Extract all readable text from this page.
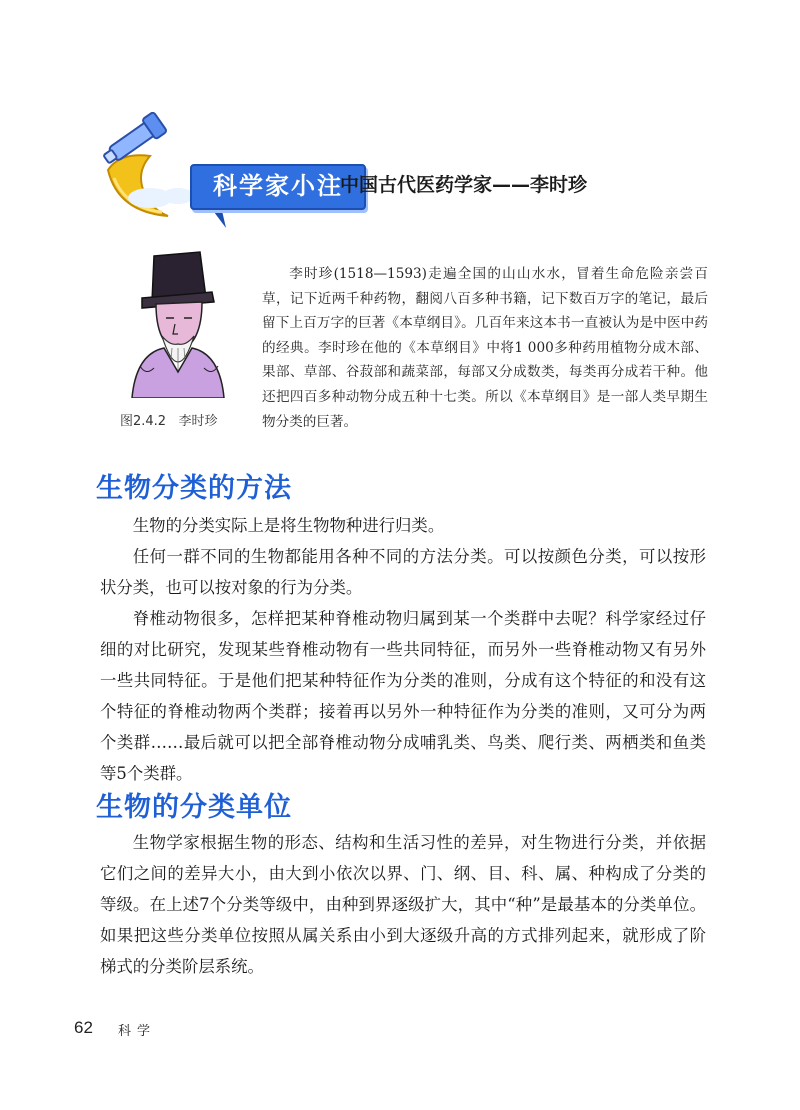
科学家小注
中国古代医药学家——李时珍
图2.4.2   李时珍
李时珍(1518—1593)走遍全国的山山水水，冒着生命危险亲尝百草，记下近两千种药物，翻阅八百多种书籍，记下数百万字的笔记，最后留下上百万字的巨著《本草纲目》。几百年来这本书一直被认为是中医中药的经典。李时珍在他的《本草纲目》中将1 000多种药用植物分成木部、果部、草部、谷菽部和蔬菜部，每部又分成数类，每类再分成若干种。他还把四百多种动物分成五种十七类。所以《本草纲目》是一部人类早期生物分类的巨著。
生物分类的方法
生物的分类实际上是将生物物种进行归类。
任何一群不同的生物都能用各种不同的方法分类。可以按颜色分类，可以按形状分类，也可以按对象的行为分类。
脊椎动物很多，怎样把某种脊椎动物归属到某一个类群中去呢？科学家经过仔细的对比研究，发现某些脊椎动物有一些共同特征，而另外一些脊椎动物又有另外一些共同特征。于是他们把某种特征作为分类的准则，分成有这个特征的和没有这个特征的脊椎动物两个类群；接着再以另外一种特征作为分类的准则，又可分为两个类群……最后就可以把全部脊椎动物分成哺乳类、鸟类、爬行类、两栖类和鱼类等5个类群。
生物的分类单位
生物学家根据生物的形态、结构和生活习性的差异，对生物进行分类，并依据它们之间的差异大小，由大到小依次以界、门、纲、目、科、属、种构成了分类的等级。在上述7个分类等级中，由种到界逐级扩大，其中“种”是最基本的分类单位。如果把这些分类单位按照从属关系由小到大逐级升高的方式排列起来，就形成了阶梯式的分类阶层系统。
62 科学
